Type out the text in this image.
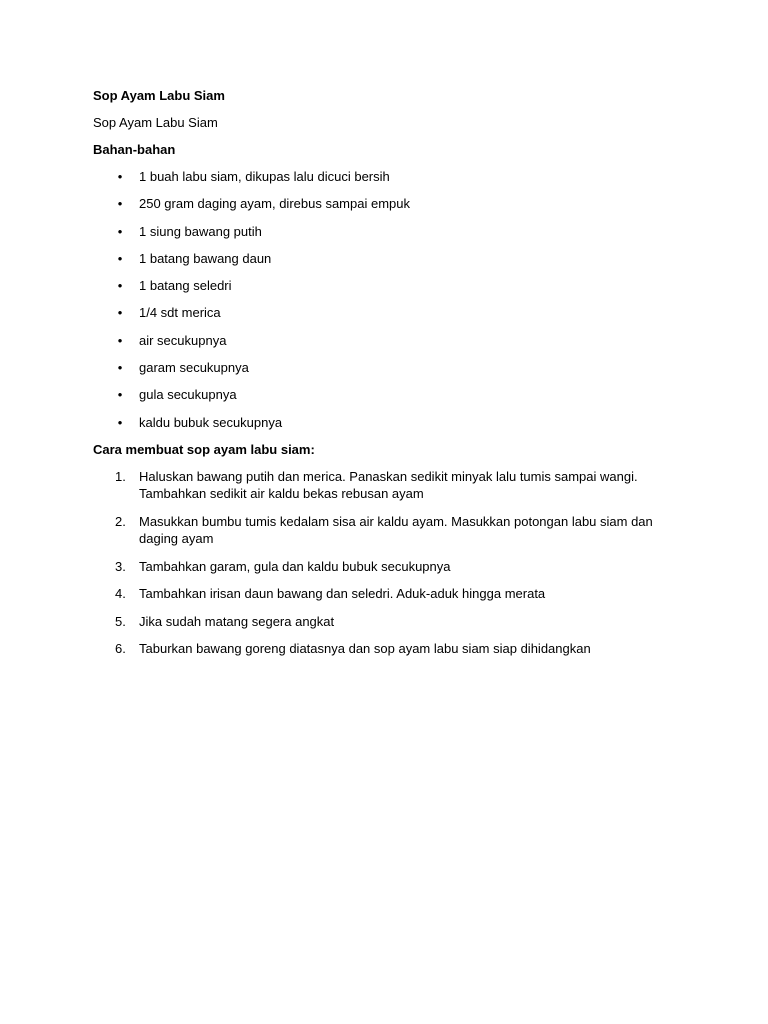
Sop Ayam Labu Siam

Sop Ayam Labu Siam

Bahan-bahan

• 1 buah labu siam, dikupas lalu dicuci bersih
• 250 gram daging ayam, direbus sampai empuk
• 1 siung bawang putih
• 1 batang bawang daun
• 1 batang seledri
• 1/4 sdt merica
• air secukupnya
• garam secukupnya
• gula secukupnya
• kaldu bubuk secukupnya

Cara membuat sop ayam labu siam:

1.	Haluskan bawang putih dan merica. Panaskan sedikit minyak lalu tumis sampai wangi. Tambahkan sedikit air kaldu bekas rebusan ayam
2.	Masukkan bumbu tumis kedalam sisa air kaldu ayam. Masukkan potongan labu siam dan daging ayam
3.	Tambahkan garam, gula dan kaldu bubuk secukupnya
4.	Tambahkan irisan daun bawang dan seledri. Aduk-aduk hingga merata
5.	Jika sudah matang segera angkat
6.	Taburkan bawang goreng diatasnya dan sop ayam labu siam siap dihidangkan
